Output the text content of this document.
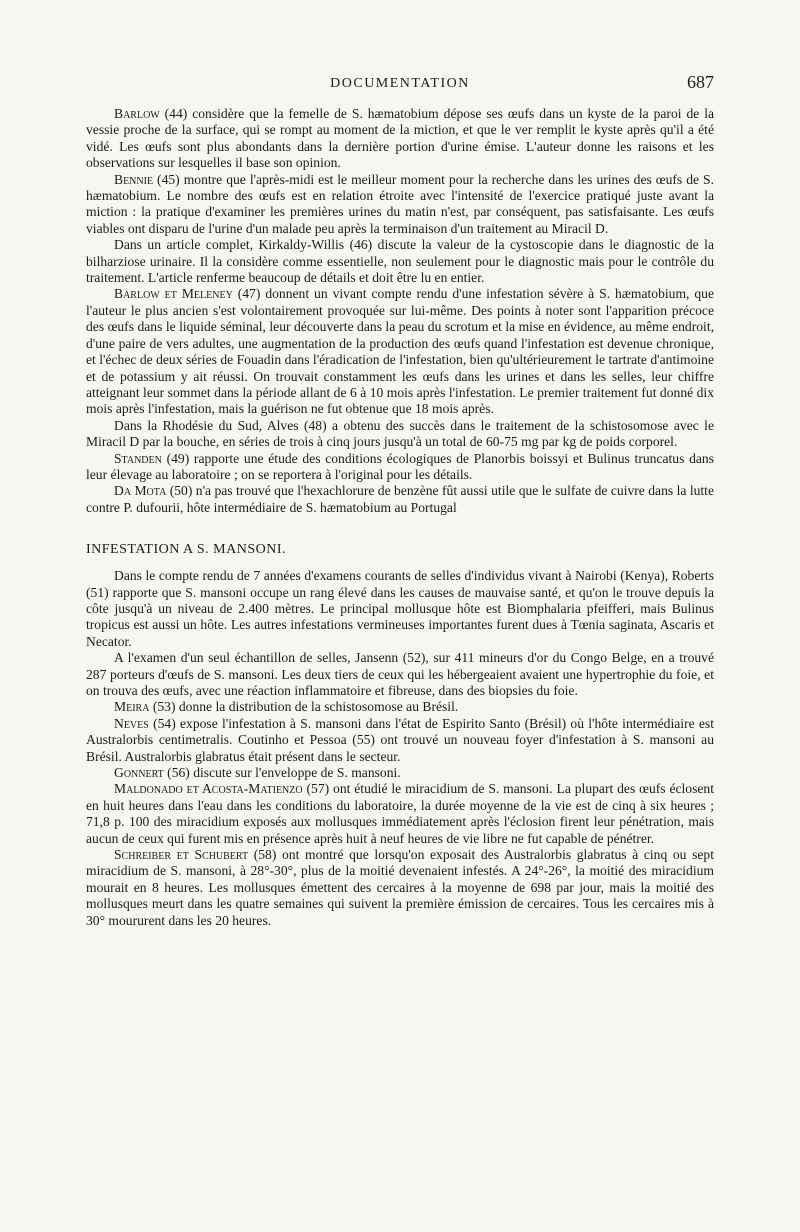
DOCUMENTATION	687

Barlow (44) considère que la femelle de S. hæmatobium dépose ses œufs dans un kyste de la paroi de la vessie proche de la surface, qui se rompt au moment de la miction, et que le ver remplit le kyste après qu'il a été vidé. Les œufs sont plus abondants dans la dernière portion d'urine émise. L'auteur donne les raisons et les observations sur lesquelles il base son opinion.

Bennie (45) montre que l'après-midi est le meilleur moment pour la recherche dans les urines des œufs de S. hæmatobium. Le nombre des œufs est en relation étroite avec l'intensité de l'exercice pratiqué juste avant la miction : la pratique d'examiner les premières urines du matin n'est, par conséquent, pas satisfaisante. Les œufs viables ont disparu de l'urine d'un malade peu après la terminaison d'un traitement au Miracil D.

Dans un article complet, Kirkaldy-Willis (46) discute la valeur de la cystoscopie dans le diagnostic de la bilharziose urinaire. Il la considère comme essentielle, non seulement pour le diagnostic mais pour le contrôle du traitement. L'article renferme beaucoup de détails et doit être lu en entier.

Barlow et Meleney (47) donnent un vivant compte rendu d'une infestation sévère à S. hæmatobium, que l'auteur le plus ancien s'est volontairement provoquée sur lui-même. Des points à noter sont l'apparition précoce des œufs dans le liquide séminal, leur découverte dans la peau du scrotum et la mise en évidence, au même endroit, d'une paire de vers adultes, une augmentation de la production des œufs quand l'infestation est devenue chronique, et l'échec de deux séries de Fouadin dans l'éradication de l'infestation, bien qu'ultérieurement le tartrate d'antimoine et de potassium y ait réussi. On trouvait constamment les œufs dans les urines et dans les selles, leur chiffre atteignant leur sommet dans la période allant de 6 à 10 mois après l'infestation. Le premier traitement fut donné dix mois après l'infestation, mais la guérison ne fut obtenue que 18 mois après.

Dans la Rhodésie du Sud, Alves (48) a obtenu des succès dans le traitement de la schistosomose avec le Miracil D par la bouche, en séries de trois à cinq jours jusqu'à un total de 60-75 mg par kg de poids corporel.

Standen (49) rapporte une étude des conditions écologiques de Planorbis boissyi et Bulinus truncatus dans leur élevage au laboratoire ; on se reportera à l'original pour les détails.

Da Mota (50) n'a pas trouvé que l'hexachlorure de benzène fût aussi utile que le sulfate de cuivre dans la lutte contre P. dufourii, hôte intermédiaire de S. hæmatobium au Portugal

INFESTATION A S. MANSONI.

Dans le compte rendu de 7 années d'examens courants de selles d'individus vivant à Nairobi (Kenya), Roberts (51) rapporte que S. mansoni occupe un rang élevé dans les causes de mauvaise santé, et qu'on le trouve depuis la côte jusqu'à un niveau de 2.400 mètres. Le principal mollusque hôte est Biomphalaria pfeifferi, mais Bulinus tropicus est aussi un hôte. Les autres infestations vermineuses importantes furent dues à Tœnia saginata, Ascaris et Necator.

A l'examen d'un seul échantillon de selles, Jansenn (52), sur 411 mineurs d'or du Congo Belge, en a trouvé 287 porteurs d'œufs de S. mansoni. Les deux tiers de ceux qui les hébergeaient avaient une hypertrophie du foie, et on trouva des œufs, avec une réaction inflammatoire et fibreuse, dans des biopsies du foie.

Meira (53) donne la distribution de la schistosomose au Brésil.

Neves (54) expose l'infestation à S. mansoni dans l'état de Espirito Santo (Brésil) où l'hôte intermédiaire est Australorbis centimetralis. Coutinho et Pessoa (55) ont trouvé un nouveau foyer d'infestation à S. mansoni au Brésil. Australorbis glabratus était présent dans le secteur.

Gonnert (56) discute sur l'enveloppe de S. mansoni.

Maldonado et Acosta-Matienzo (57) ont étudié le miracidium de S. mansoni. La plupart des œufs éclosent en huit heures dans l'eau dans les conditions du laboratoire, la durée moyenne de la vie est de cinq à six heures ; 71,8 p. 100 des miracidium exposés aux mollusques immédiatement après l'éclosion firent leur pénétration, mais aucun de ceux qui furent mis en présence après huit à neuf heures de vie libre ne fut capable de pénétrer.

Schreiber et Schubert (58) ont montré que lorsqu'on exposait des Australorbis glabratus à cinq ou sept miracidium de S. mansoni, à 28°-30°, plus de la moitié devenaient infestés. A 24°-26°, la moitié des miracidium mourait en 8 heures. Les mollusques émettent des cercaires à la moyenne de 698 par jour, mais la moitié des mollusques meurt dans les quatre semaines qui suivent la première émission de cercaires. Tous les cercaires mis à 30° moururent dans les 20 heures.
